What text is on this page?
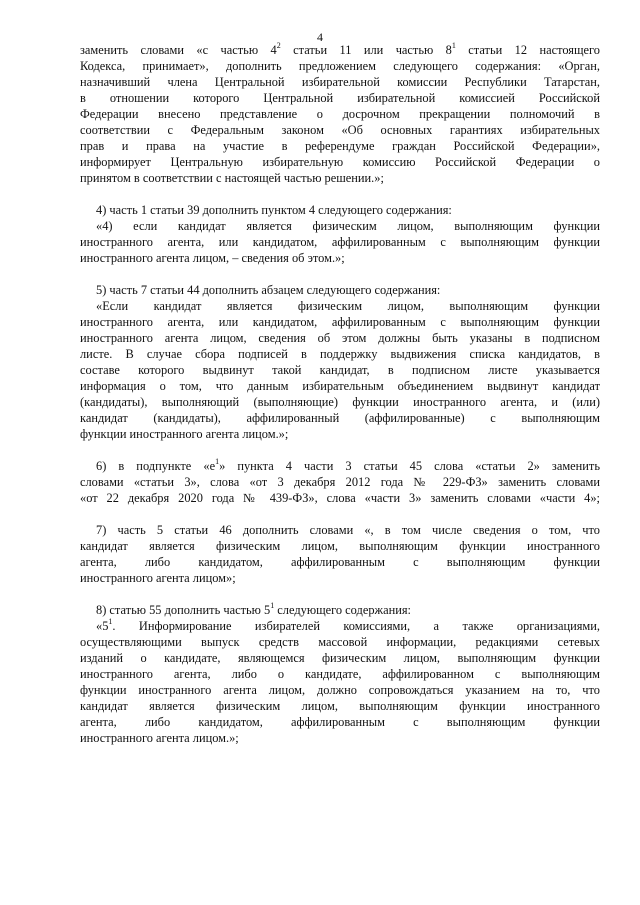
4
заменить словами «с частью $4^2$ статьи 11 или частью $8^1$ статьи 12 настоящего
Кодекса, принимает», дополнить предложением следующего содержания: «Орган,
назначивший члена Центральной избирательной комиссии Республики Татарстан,
в отношении которого Центральной избирательной комиссией Российской
Федерации внесено представление о досрочном прекращении полномочий в
соответствии с Федеральным законом «Об основных гарантиях избирательных
прав и права на участие в референдуме граждан Российской Федерации»,
информирует Центральную избирательную комиссию Российской Федерации о
принятом в соответствии с настоящей частью решении.»;
4) часть 1 статьи 39 дополнить пунктом 4 следующего содержания:
«4) если кандидат является физическим лицом, выполняющим функции
иностранного агента, или кандидатом, аффилированным с выполняющим функции
иностранного агента лицом, – сведения об этом.»;
5) часть 7 статьи 44 дополнить абзацем следующего содержания:
«Если кандидат является физическим лицом, выполняющим функции
иностранного агента, или кандидатом, аффилированным с выполняющим функции
иностранного агента лицом, сведения об этом должны быть указаны в подписном
листе. В случае сбора подписей в поддержку выдвижения списка кандидатов, в
составе которого выдвинут такой кандидат, в подписном листе указывается
информация о том, что данным избирательным объединением выдвинут кандидат
(кандидаты), выполняющий (выполняющие) функции иностранного агента, и (или)
кандидат (кандидаты), аффилированный (аффилированные) с выполняющим
функции иностранного агента лицом.»;
6) в подпункте «$е^1$» пункта 4 части 3 статьи 45 слова «статьи 2» заменить
словами «статьи 3», слова «от 3 декабря 2012 года № 229-ФЗ» заменить словами
«от 22 декабря 2020 года № 439-ФЗ», слова «части 3» заменить словами «части 4»;
7) часть 5 статьи 46 дополнить словами «, в том числе сведения о том, что
кандидат является физическим лицом, выполняющим функции иностранного
агента, либо кандидатом, аффилированным с выполняющим функции
иностранного агента лицом»;
8) статью 55 дополнить частью $5^1$ следующего содержания:
«$5^1$. Информирование избирателей комиссиями, а также организациями,
осуществляющими выпуск средств массовой информации, редакциями сетевых
изданий о кандидате, являющемся физическим лицом, выполняющим функции
иностранного агента, либо о кандидате, аффилированном с выполняющим
функции иностранного агента лицом, должно сопровождаться указанием на то, что
кандидат является физическим лицом, выполняющим функции иностранного
агента, либо кандидатом, аффилированным с выполняющим функции
иностранного агента лицом.»;
